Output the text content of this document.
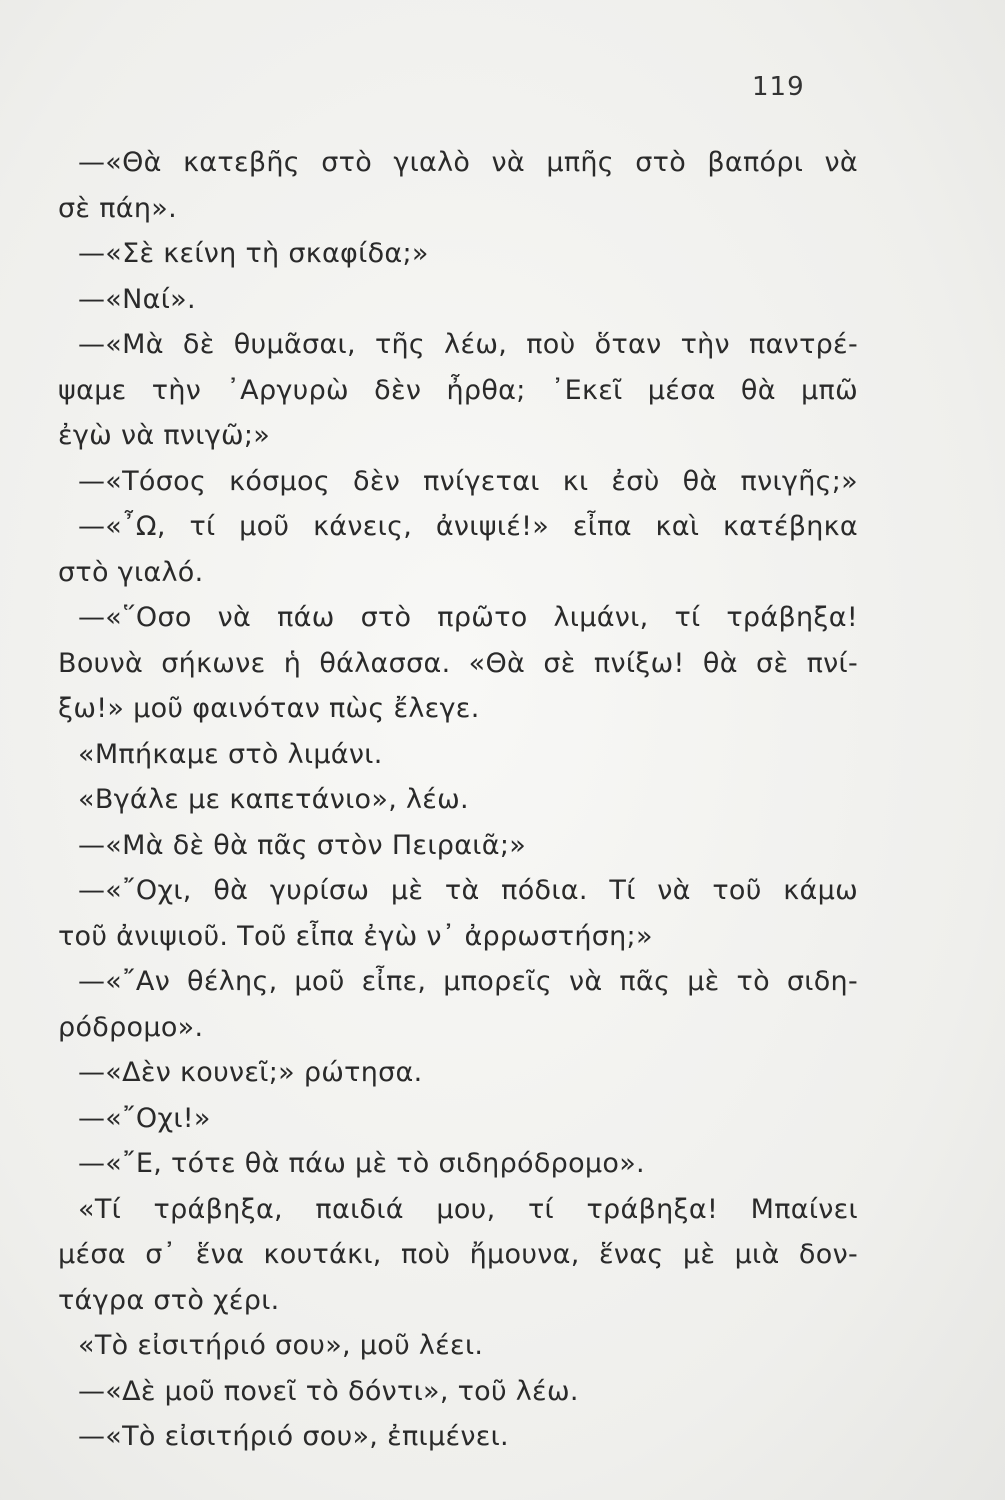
119
—«Θὰ κατεβῆς στὸ γιαλὸ νὰ μπῆς στὸ βαπόρι νὰ
σὲ πάη».
—«Σὲ κείνη τὴ σκαφίδα;»
—«Ναί».
—«Μὰ δὲ θυμᾶσαι, τῆς λέω, ποὺ ὅταν τὴν παντρέ-
ψαμε τὴν ᾿Αργυρὼ δὲν ἦρθα; ᾿Εκεῖ μέσα θὰ μπῶ
ἐγὼ νὰ πνιγῶ;»
—«Τόσος κόσμος δὲν πνίγεται κι ἐσὺ θὰ πνιγῆς;»
—«῏Ω, τί μοῦ κάνεις, ἀνιψιέ!» εἶπα καὶ κατέβηκα
στὸ γιαλό.
—«῞Οσο νὰ πάω στὸ πρῶτο λιμάνι, τί τράβηξα!
Βουνὰ σήκωνε ἡ θάλασσα. «Θὰ σὲ πνίξω! θὰ σὲ πνί-
ξω!» μοῦ φαινόταν πὼς ἔλεγε.
«Μπήκαμε στὸ λιμάνι.
«Βγάλε με καπετάνιο», λέω.
—«Μὰ δὲ θὰ πᾶς στὸν Πειραιᾶ;»
—«῎Οχι, θὰ γυρίσω μὲ τὰ πόδια. Τί νὰ τοῦ κάμω
τοῦ ἀνιψιοῦ. Τοῦ εἶπα ἐγὼ ν᾿ ἀρρωστήση;»
—«῎Αν θέλης, μοῦ εἶπε, μπορεῖς νὰ πᾶς μὲ τὸ σιδη-
ρόδρομο».
—«Δὲν κουνεῖ;» ρώτησα.
—«῎Οχι!»
—«῎Ε, τότε θὰ πάω μὲ τὸ σιδηρόδρομο».
«Τί τράβηξα, παιδιά μου, τί τράβηξα! Μπαίνει
μέσα σ᾿ ἕνα κουτάκι, ποὺ ἤμουνα, ἕνας μὲ μιὰ δον-
τάγρα στὸ χέρι.
«Τὸ εἰσιτήριό σου», μοῦ λέει.
—«Δὲ μοῦ πονεῖ τὸ δόντι», τοῦ λέω.
—«Τὸ εἰσιτήριό σου», ἐπιμένει.
